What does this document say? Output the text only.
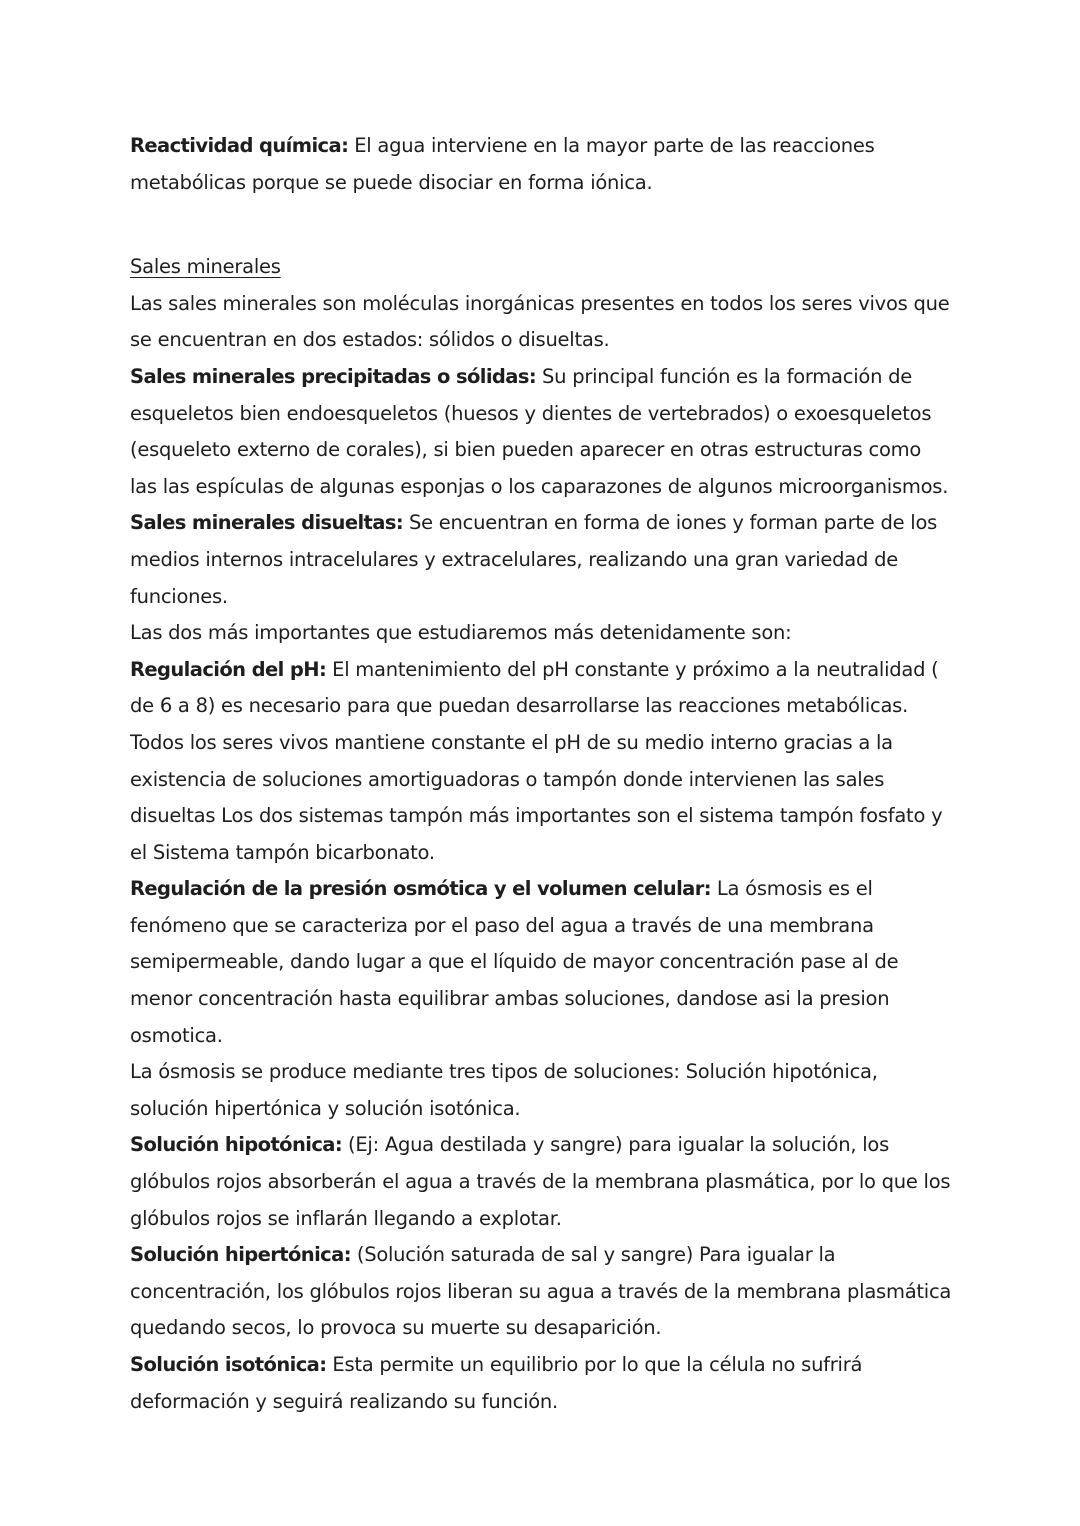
Reactividad química: El agua interviene en la mayor parte de las reacciones metabólicas porque se puede disociar en forma iónica.

Sales minerales

Las sales minerales son moléculas inorgánicas presentes en todos los seres vivos que se encuentran en dos estados: sólidos o disueltas.

Sales minerales precipitadas o sólidas: Su principal función es la formación de esqueletos bien endoesqueletos (huesos y dientes de vertebrados) o exoesqueletos (esqueleto externo de corales), si bien pueden aparecer en otras estructuras como las las espículas de algunas esponjas o los caparazones de algunos microorganismos.

Sales minerales disueltas: Se encuentran en forma de iones y forman parte de los medios internos intracelulares y extracelulares, realizando una gran variedad de funciones.

Las dos más importantes que estudiaremos más detenidamente son:

Regulación del pH: El mantenimiento del pH constante y próximo a la neutralidad ( de 6 a 8) es necesario para que puedan desarrollarse las reacciones metabólicas. Todos los seres vivos mantiene constante el pH de su medio interno gracias a la existencia de soluciones amortiguadoras o tampón donde intervienen las sales disueltas Los dos sistemas tampón más importantes son el sistema tampón fosfato y el Sistema tampón bicarbonato.

Regulación de la presión osmótica y el volumen celular: La ósmosis es el fenómeno que se caracteriza por el paso del agua a través de una membrana semipermeable, dando lugar a que el líquido de mayor concentración pase al de menor concentración hasta equilibrar ambas soluciones, dandose asi la presion osmotica.

La ósmosis se produce mediante tres tipos de soluciones: Solución hipotónica, solución hipertónica y solución isotónica.

Solución hipotónica: (Ej: Agua destilada y sangre) para igualar la solución, los glóbulos rojos absorberán el agua a través de la membrana plasmática, por lo que los glóbulos rojos se inflarán llegando a explotar.

Solución hipertónica: (Solución saturada de sal y sangre) Para igualar la concentración, los glóbulos rojos liberan su agua a través de la membrana plasmática quedando secos, lo provoca su muerte su desaparición.

Solución isotónica: Esta permite un equilibrio por lo que la célula no sufrirá deformación y seguirá realizando su función.
